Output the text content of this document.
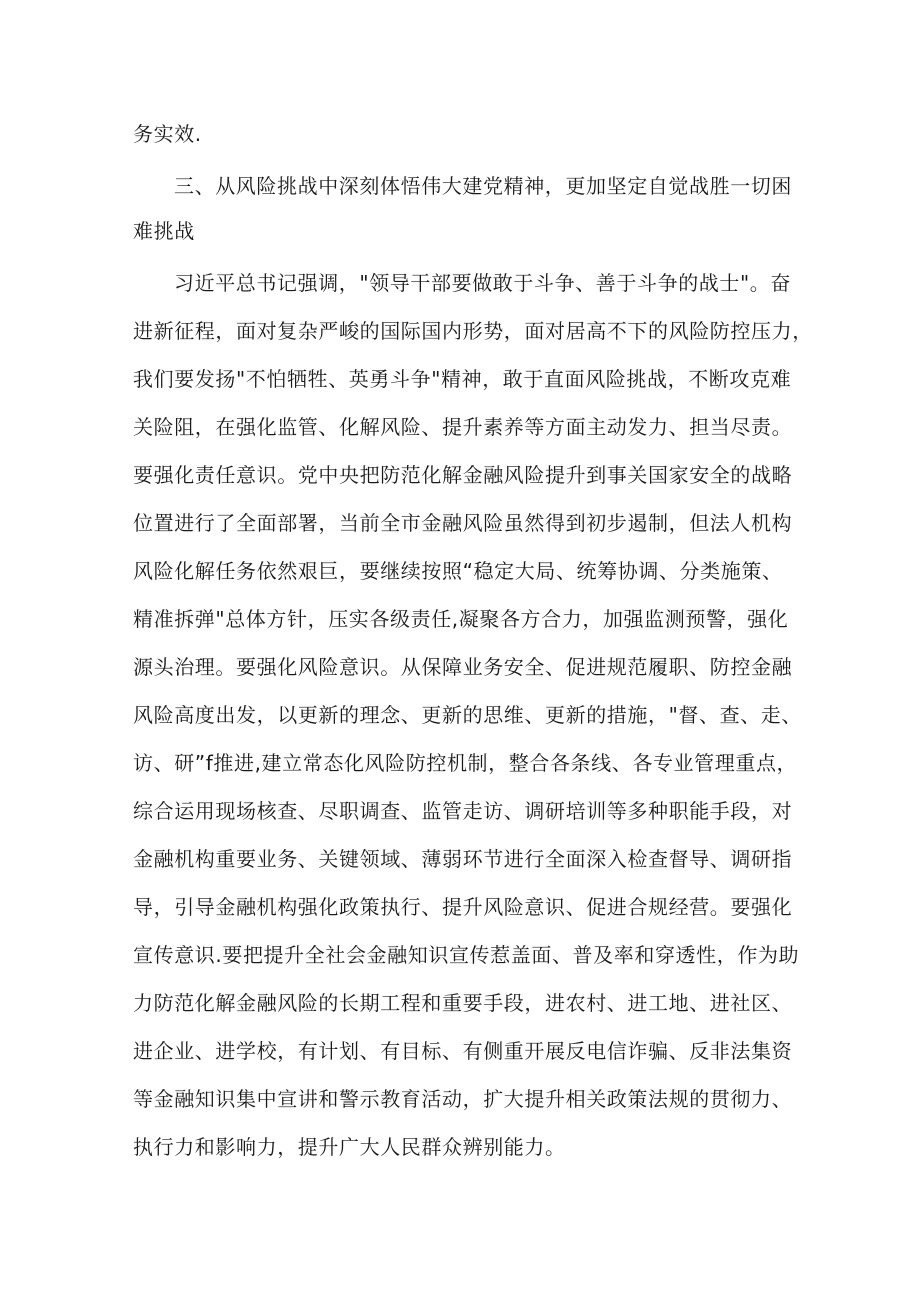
务实效.
三、从风险挑战中深刻体悟伟大建党精神，更加坚定自觉战胜一切困
难挑战
习近平总书记强调，"领导干部要做敢于斗争、善于斗争的战士"。奋
进新征程，面对复杂严峻的国际国内形势，面对居高不下的风险防控压力，
我们要发扬"不怕牺牲、英勇斗争"精神，敢于直面风险挑战，不断攻克难
关险阻，在强化监管、化解风险、提升素养等方面主动发力、担当尽责。
要强化责任意识。党中央把防范化解金融风险提升到事关国家安全的战略
位置进行了全面部署，当前全市金融风险虽然得到初步遏制，但法人机构
风险化解任务依然艰巨，要继续按照“稳定大局、统筹协调、分类施策、
精准拆弹"总体方针，压实各级责任,凝聚各方合力，加强监测预警，强化
源头治理。要强化风险意识。从保障业务安全、促进规范履职、防控金融
风险高度出发，以更新的理念、更新的思维、更新的措施，"督、查、走、
访、研”f推进,建立常态化风险防控机制，整合各条线、各专业管理重点，
综合运用现场核查、尽职调查、监管走访、调研培训等多种职能手段，对
金融机构重要业务、关键领域、薄弱环节进行全面深入检查督导、调研指
导，引导金融机构强化政策执行、提升风险意识、促进合规经营。要强化
宣传意识.要把提升全社会金融知识宣传惹盖面、普及率和穿透性，作为助
力防范化解金融风险的长期工程和重要手段，进农村、进工地、进社区、
进企业、进学校，有计划、有目标、有侧重开展反电信诈骗、反非法集资
等金融知识集中宣讲和警示教育活动，扩大提升相关政策法规的贯彻力、
执行力和影响力，提升广大人民群众辨别能力。
